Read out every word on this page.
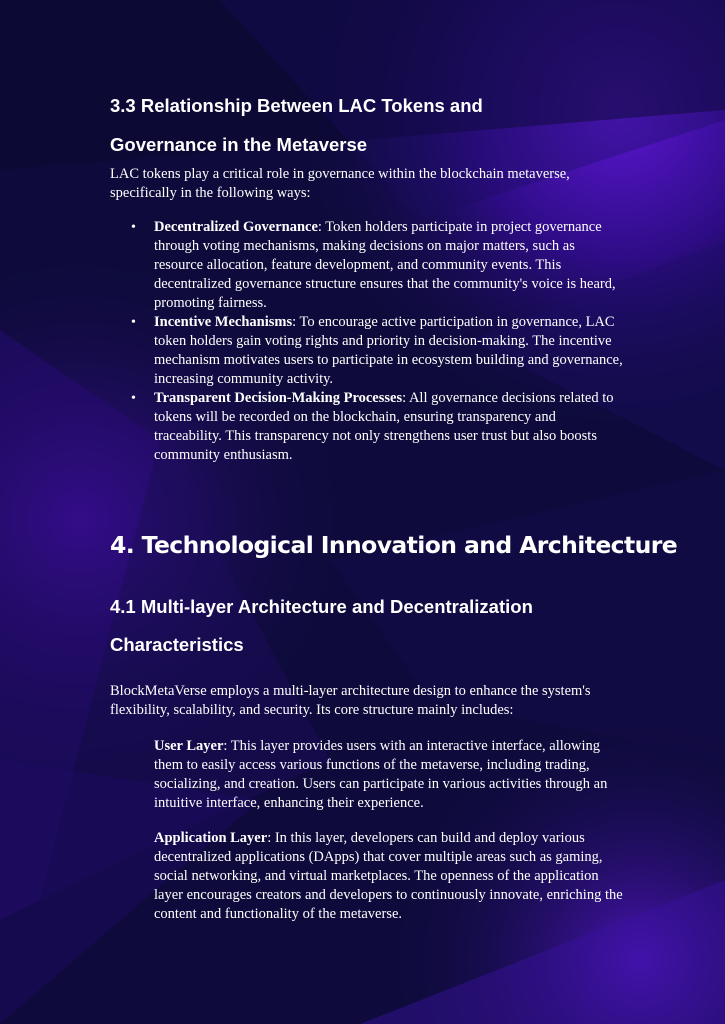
3.3 Relationship Between LAC Tokens and
Governance in the Metaverse

LAC tokens play a critical role in governance within the blockchain metaverse, specifically in the following ways:

• Decentralized Governance: Token holders participate in project governance through voting mechanisms, making decisions on major matters, such as resource allocation, feature development, and community events. This decentralized governance structure ensures that the community's voice is heard, promoting fairness.
• Incentive Mechanisms: To encourage active participation in governance, LAC token holders gain voting rights and priority in decision-making. The incentive mechanism motivates users to participate in ecosystem building and governance, increasing community activity.
• Transparent Decision-Making Processes: All governance decisions related to tokens will be recorded on the blockchain, ensuring transparency and traceability. This transparency not only strengthens user trust but also boosts community enthusiasm.
4. Technological Innovation and Architecture
4.1 Multi-layer Architecture and Decentralization
Characteristics

BlockMetaVerse employs a multi-layer architecture design to enhance the system's flexibility, scalability, and security. Its core structure mainly includes:

User Layer: This layer provides users with an interactive interface, allowing them to easily access various functions of the metaverse, including trading, socializing, and creation. Users can participate in various activities through an intuitive interface, enhancing their experience.

Application Layer: In this layer, developers can build and deploy various decentralized applications (DApps) that cover multiple areas such as gaming, social networking, and virtual marketplaces. The openness of the application layer encourages creators and developers to continuously innovate, enriching the content and functionality of the metaverse.
